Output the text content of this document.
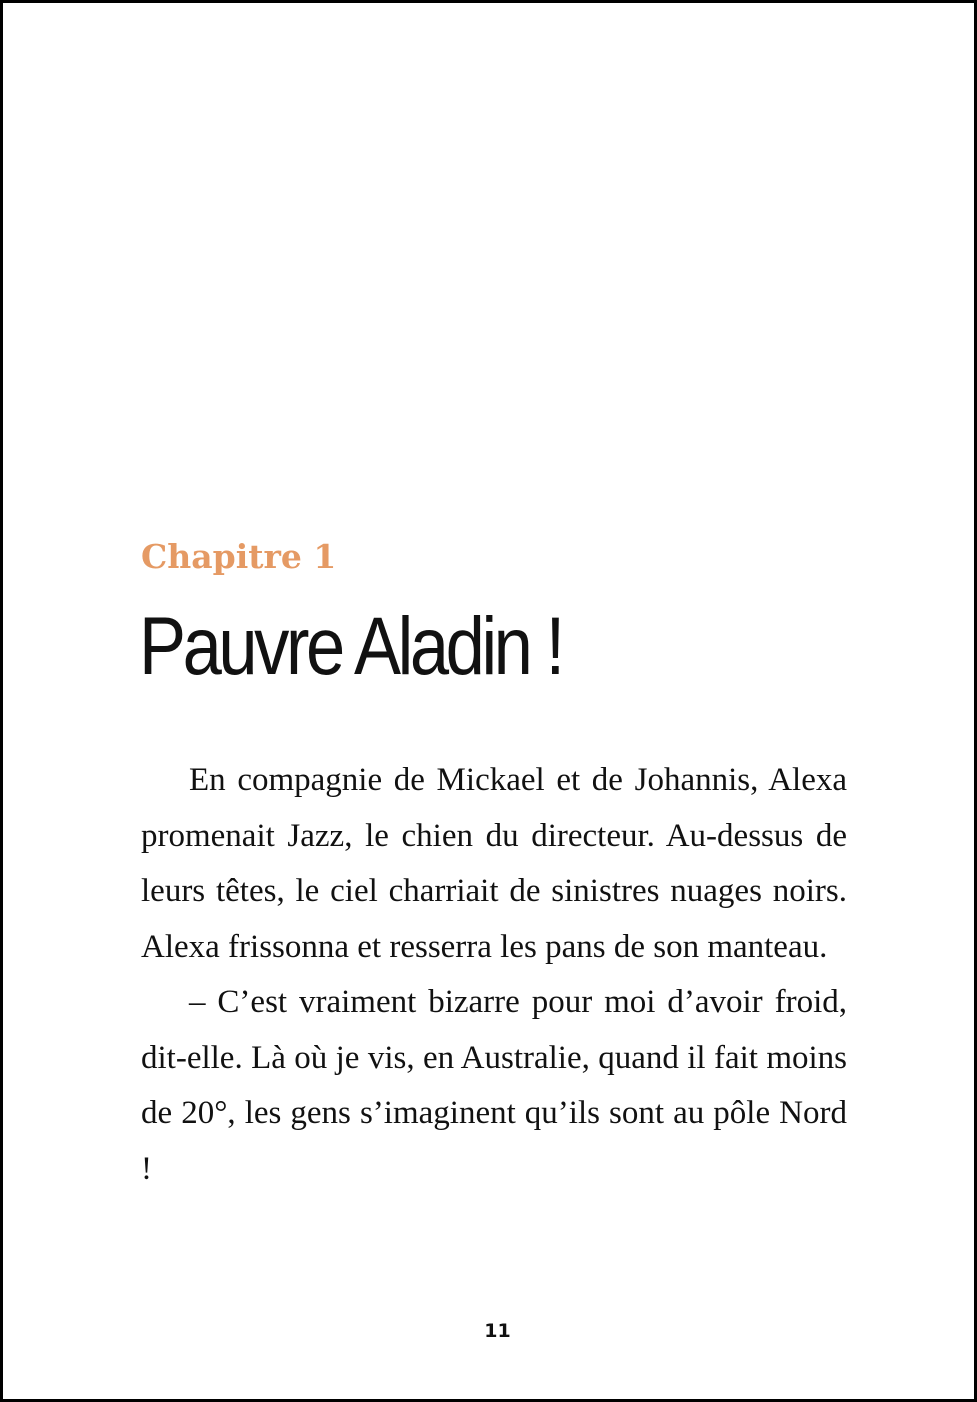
Chapitre 1
Pauvre Aladin !

En compagnie de Mickael et de Johannis, Alexa promenait Jazz, le chien du directeur. Au-dessus de leurs têtes, le ciel charriait de sinistres nuages noirs. Alexa frissonna et resserra les pans de son manteau.

– C’est vraiment bizarre pour moi d’avoir froid, dit-elle. Là où je vis, en Australie, quand il fait moins de 20°, les gens s’imaginent qu’ils sont au pôle Nord !

11
